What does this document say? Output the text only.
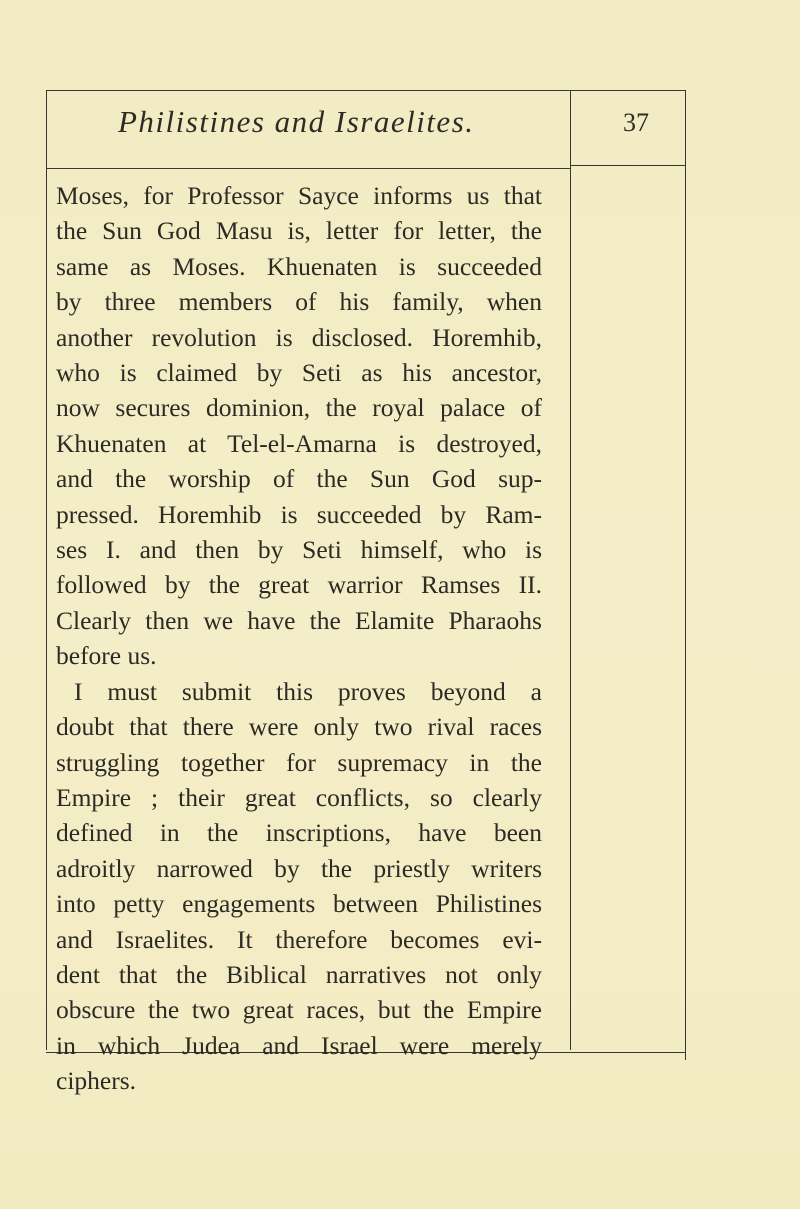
Philistines and Israelites.	37
Moses, for Professor Sayce informs us that
the Sun God Masu is, letter for letter, the
same as Moses. Khuenaten is succeeded
by three members of his family, when
another revolution is disclosed. Horemhib,
who is claimed by Seti as his ancestor,
now secures dominion, the royal palace of
Khuenaten at Tel-el-Amarna is destroyed,
and the worship of the Sun God sup-
pressed. Horemhib is succeeded by Ram-
ses I. and then by Seti himself, who is
followed by the great warrior Ramses II.
Clearly then we have the Elamite Pharaohs
before us.
I must submit this proves beyond a
doubt that there were only two rival races
struggling together for supremacy in the
Empire ; their great conflicts, so clearly
defined in the inscriptions, have been
adroitly narrowed by the priestly writers
into petty engagements between Philistines
and Israelites. It therefore becomes evi-
dent that the Biblical narratives not only
obscure the two great races, but the Empire
in which Judea and Israel were merely
ciphers.
